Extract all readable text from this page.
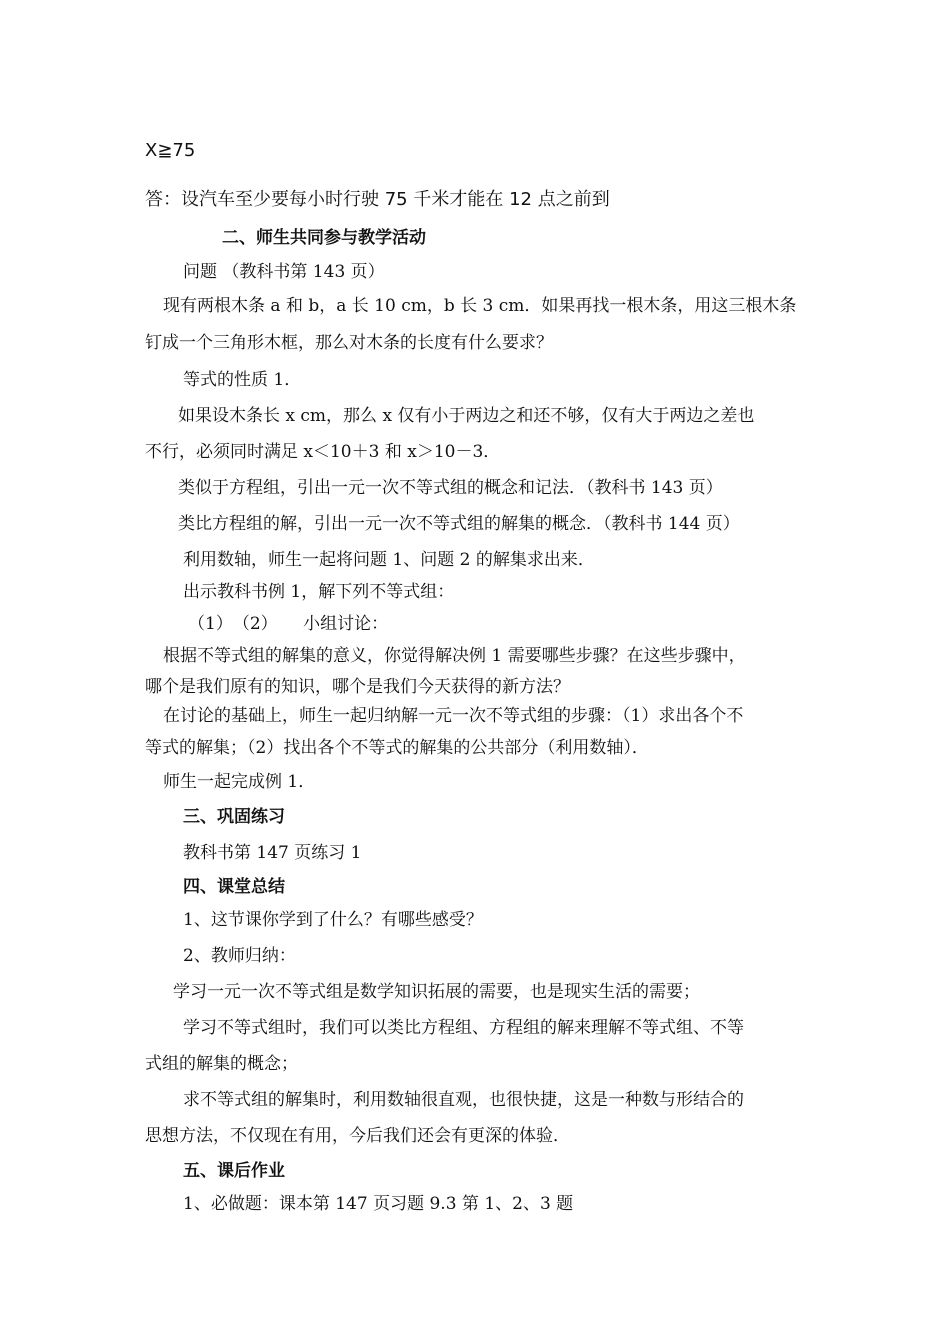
X≧75
答：设汽车至少要每小时行驶 75 千米才能在 12 点之前到
二、师生共同参与教学活动
问题 （教科书第 143 页）
现有两根木条 a 和 b，a 长 10 cm，b 长 3 cm．如果再找一根木条，用这三根木条
钉成一个三角形木框，那么对木条的长度有什么要求？
等式的性质 1．
如果设木条长 x cm，那么 x 仅有小于两边之和还不够，仅有大于两边之差也
不行，必须同时满足 x＜10＋3 和 x＞10－3．
类似于方程组，引出一元一次不等式组的概念和记法．（教科书 143 页）
类比方程组的解，引出一元一次不等式组的解集的概念．（教科书 144 页）
利用数轴，师生一起将问题 1、问题 2 的解集求出来．
出示教科书例 1，解下列不等式组：
（1）　（2）　　小组讨论：
根据不等式组的解集的意义，你觉得解决例 1 需要哪些步骤？在这些步骤中，
哪个是我们原有的知识，哪个是我们今天获得的新方法？
在讨论的基础上，师生一起归纳解一元一次不等式组的步骤：（1）求出各个不
等式的解集；（2）找出各个不等式的解集的公共部分（利用数轴）．
师生一起完成例 1．
三、巩固练习
教科书第 147 页练习 1
四、课堂总结
1、这节课你学到了什么？有哪些感受？
2、教师归纳：
学习一元一次不等式组是数学知识拓展的需要，也是现实生活的需要；
学习不等式组时，我们可以类比方程组、方程组的解来理解不等式组、不等
式组的解集的概念；
求不等式组的解集时，利用数轴很直观，也很快捷，这是一种数与形结合的
思想方法，不仅现在有用，今后我们还会有更深的体验．
五、课后作业
1、必做题：课本第 147 页习题 9.3 第 1、2、3 题
